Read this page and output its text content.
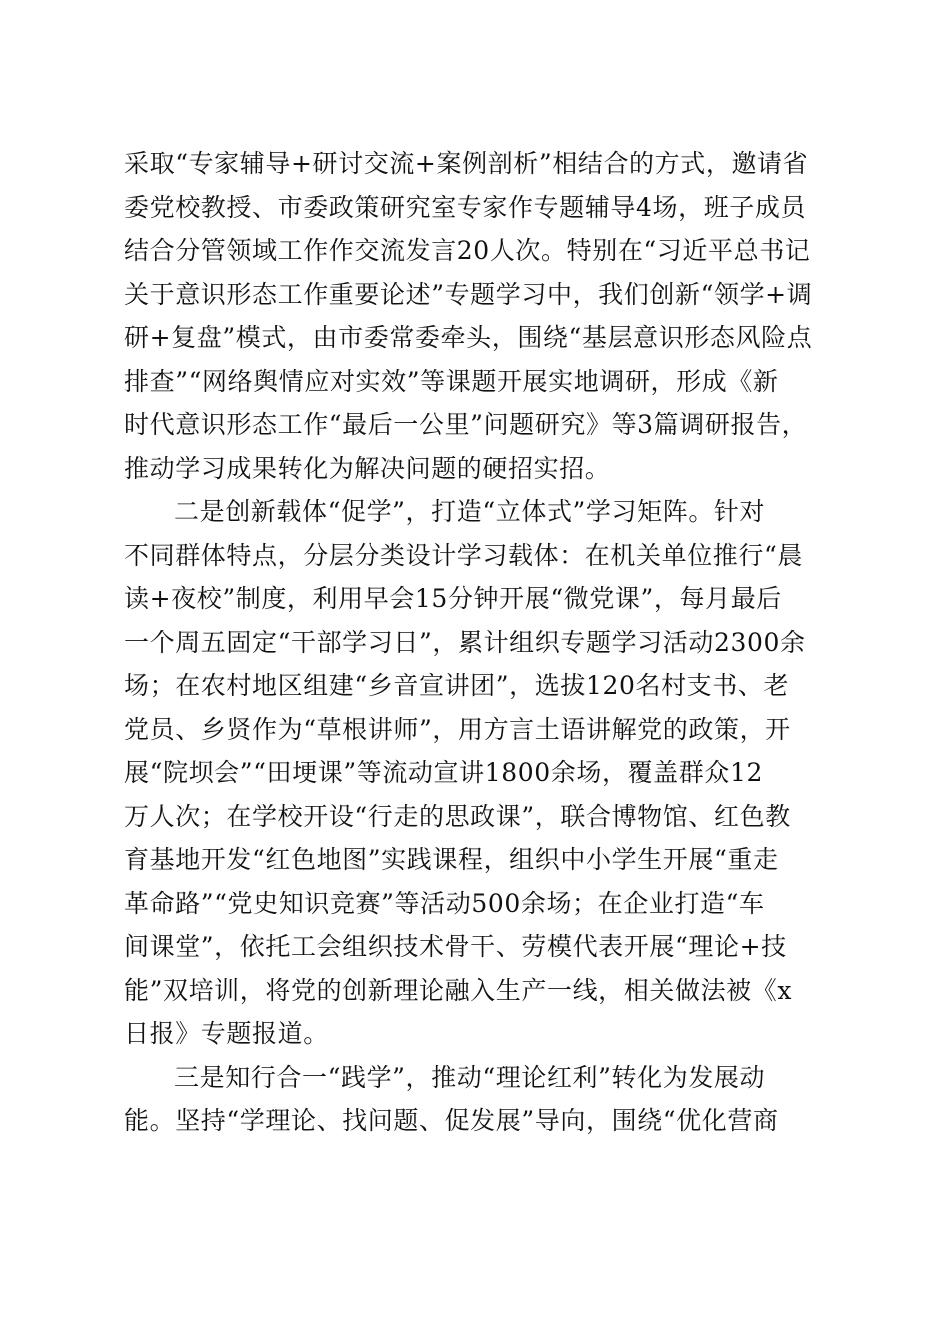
采取“专家辅导+研讨交流+案例剖析”相结合的方式，邀请省
委党校教授、市委政策研究室专家作专题辅导4场，班子成员
结合分管领域工作作交流发言20人次。特别在“习近平总书记
关于意识形态工作重要论述”专题学习中，我们创新“领学+调
研+复盘”模式，由市委常委牵头，围绕“基层意识形态风险点
排查”“网络舆情应对实效”等课题开展实地调研，形成《新
时代意识形态工作“最后一公里”问题研究》等3篇调研报告，
推动学习成果转化为解决问题的硬招实招。
二是创新载体“促学”，打造“立体式”学习矩阵。针对
不同群体特点，分层分类设计学习载体：在机关单位推行“晨
读+夜校”制度，利用早会15分钟开展“微党课”，每月最后
一个周五固定“干部学习日”，累计组织专题学习活动2300余
场；在农村地区组建“乡音宣讲团”，选拔120名村支书、老
党员、乡贤作为“草根讲师”，用方言土语讲解党的政策，开
展“院坝会”“田埂课”等流动宣讲1800余场，覆盖群众12
万人次；在学校开设“行走的思政课”，联合博物馆、红色教
育基地开发“红色地图”实践课程，组织中小学生开展“重走
革命路”“党史知识竞赛”等活动500余场；在企业打造“车
间课堂”，依托工会组织技术骨干、劳模代表开展“理论+技
能”双培训，将党的创新理论融入生产一线，相关做法被《x
日报》专题报道。
三是知行合一“践学”，推动“理论红利”转化为发展动
能。坚持“学理论、找问题、促发展”导向，围绕“优化营商
